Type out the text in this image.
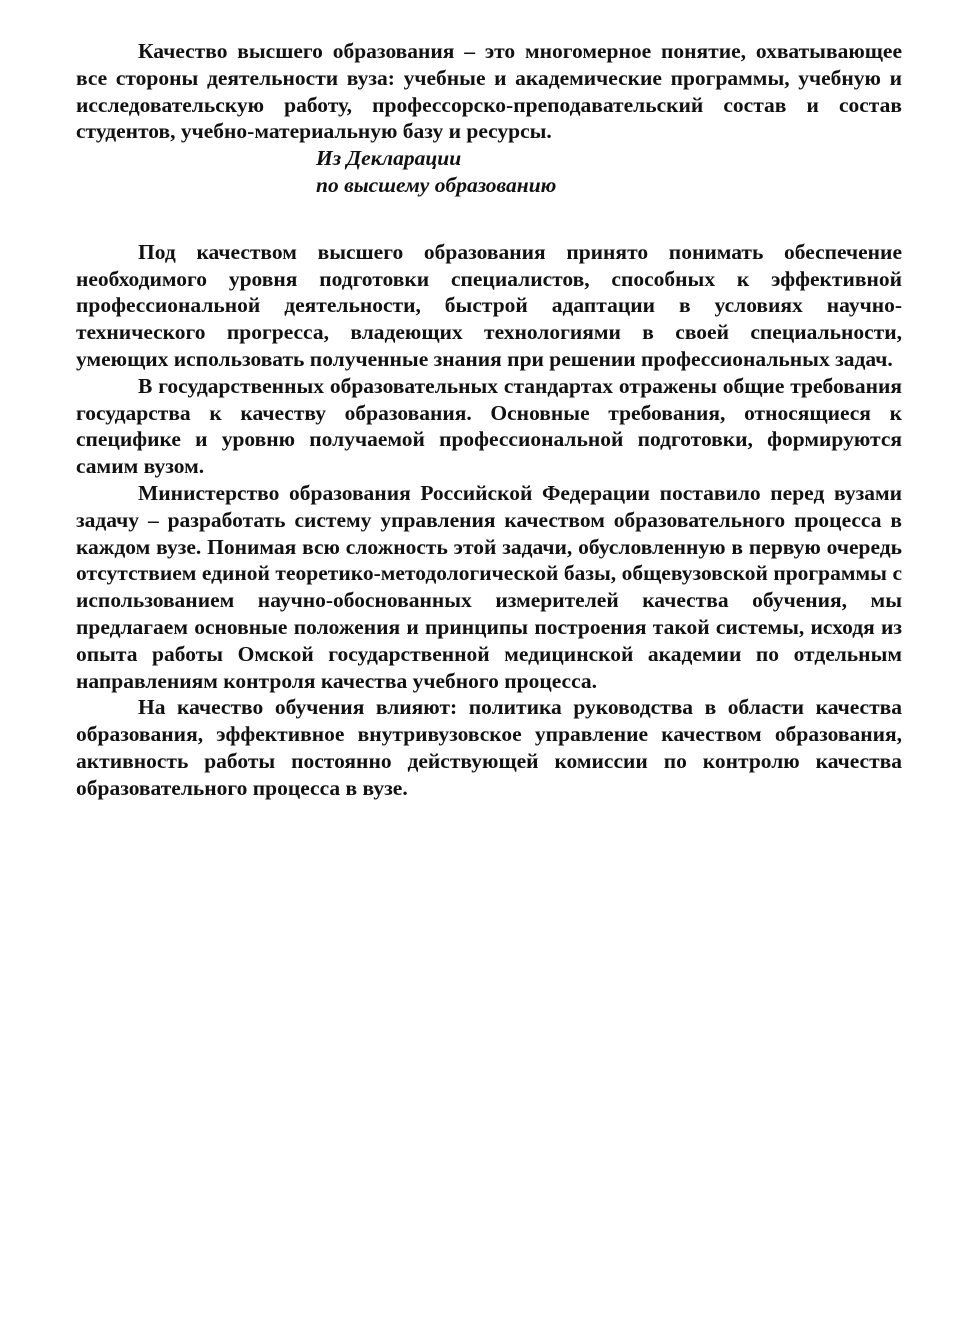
Качество высшего образования – это многомерное понятие, охватывающее все стороны деятельности вуза: учебные и академические программы, учебную и исследовательскую работу, профессорско-преподавательский состав и состав студентов, учебно-материальную базу и ресурсы.

Из Декларации

по высшему образованию

Под качеством высшего образования принято понимать обеспечение необходимого уровня подготовки специалистов, способных к эффективной профессиональной деятельности, быстрой адаптации в условиях научно-технического прогресса, владеющих технологиями в своей специальности, умеющих использовать полученные знания при решении профессиональных задач.

В государственных образовательных стандартах отражены общие требования государства к качеству образования. Основные требования, относящиеся к специфике и уровню получаемой профессиональной подготовки, формируются самим вузом.

Министерство образования Российской Федерации поставило перед вузами задачу – разработать систему управления качеством образовательного процесса в каждом вузе. Понимая всю сложность этой задачи, обусловленную в первую очередь отсутствием единой теоретико-методологической базы, общевузовской программы с использованием научно-обоснованных измерителей качества обучения, мы предлагаем основные положения и принципы построения такой системы, исходя из опыта работы Омской государственной медицинской академии по отдельным направлениям контроля качества учебного процесса.

На качество обучения влияют: политика руководства в области качества образования, эффективное внутривузовское управление качеством образования, активность работы постоянно действующей комиссии по контролю качества образовательного процесса в вузе.
